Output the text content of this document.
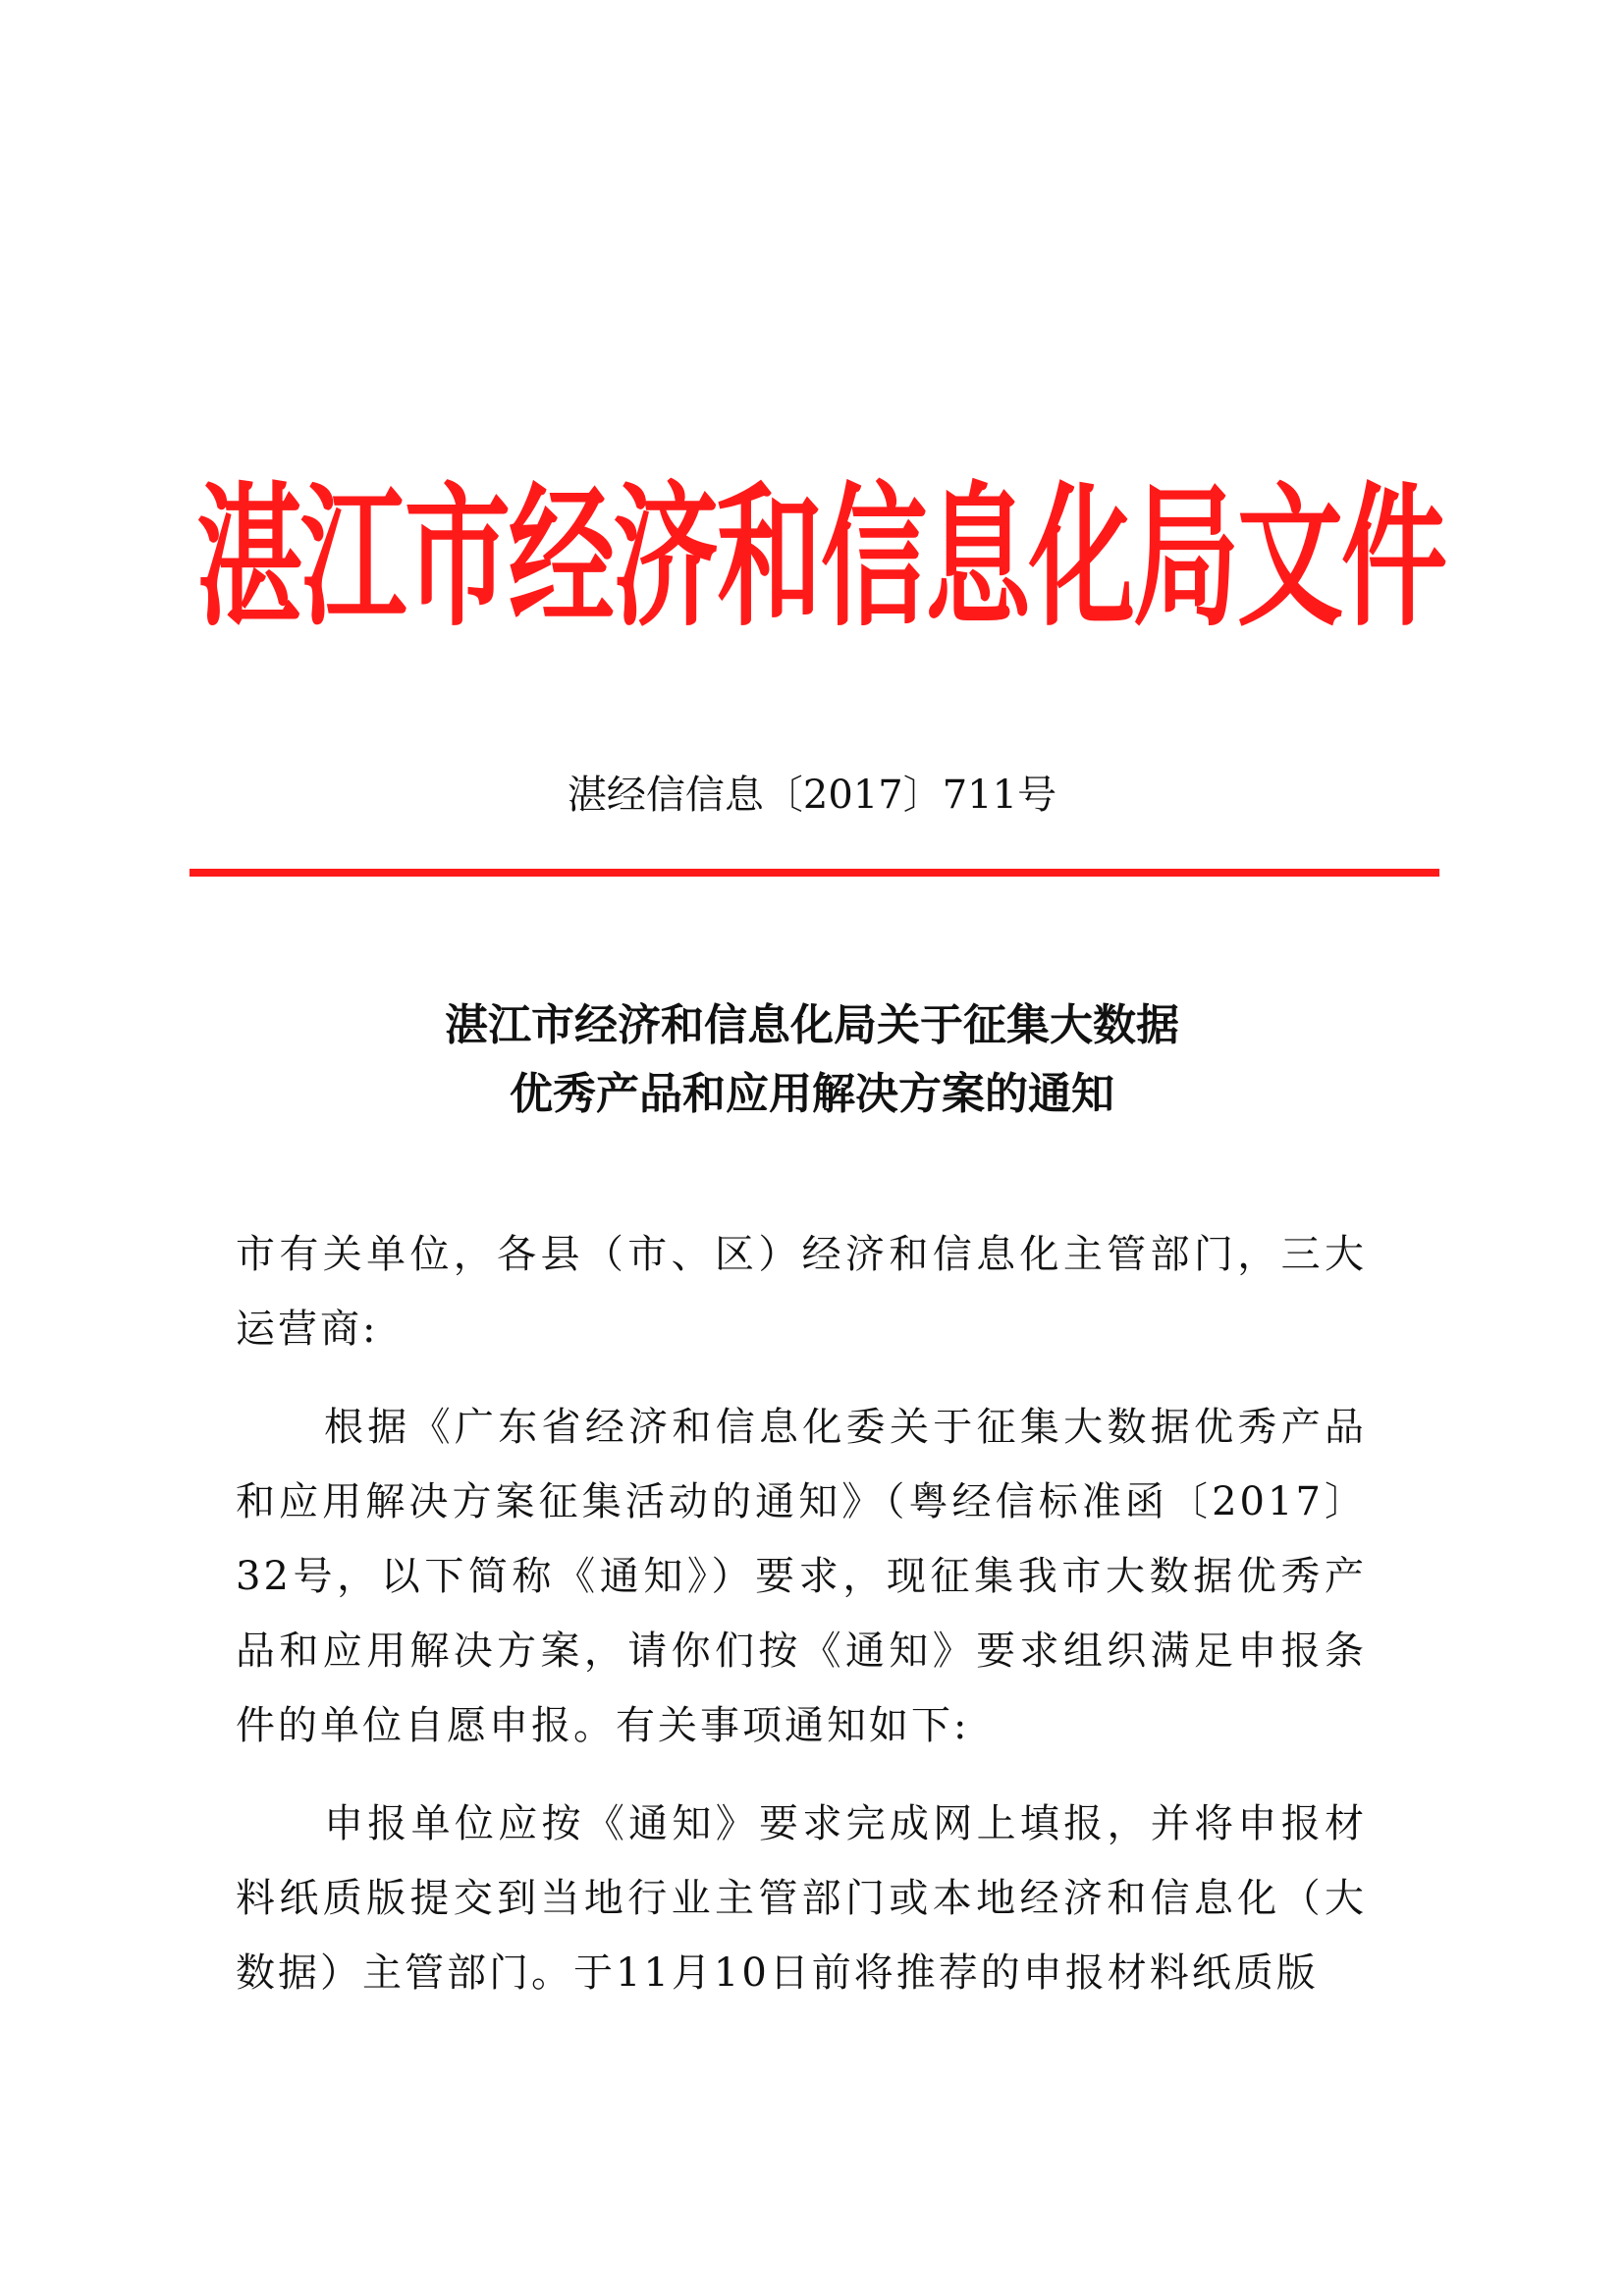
湛江市经济和信息化局文件
湛经信信息〔2017〕711号
湛江市经济和信息化局关于征集大数据
优秀产品和应用解决方案的通知

市有关单位，各县（市、区）经济和信息化主管部门，三大运营商:

根据《广东省经济和信息化委关于征集大数据优秀产品和应用解决方案征集活动的通知》（粤经信标准函〔2017〕32号，以下简称《通知》）要求，现征集我市大数据优秀产品和应用解决方案，请你们按《通知》要求组织满足申报条件的单位自愿申报。有关事项通知如下:

申报单位应按《通知》要求完成网上填报，并将申报材料纸质版提交到当地行业主管部门或本地经济和信息化（大数据）主管部门。于11月10日前将推荐的申报材料纸质版
